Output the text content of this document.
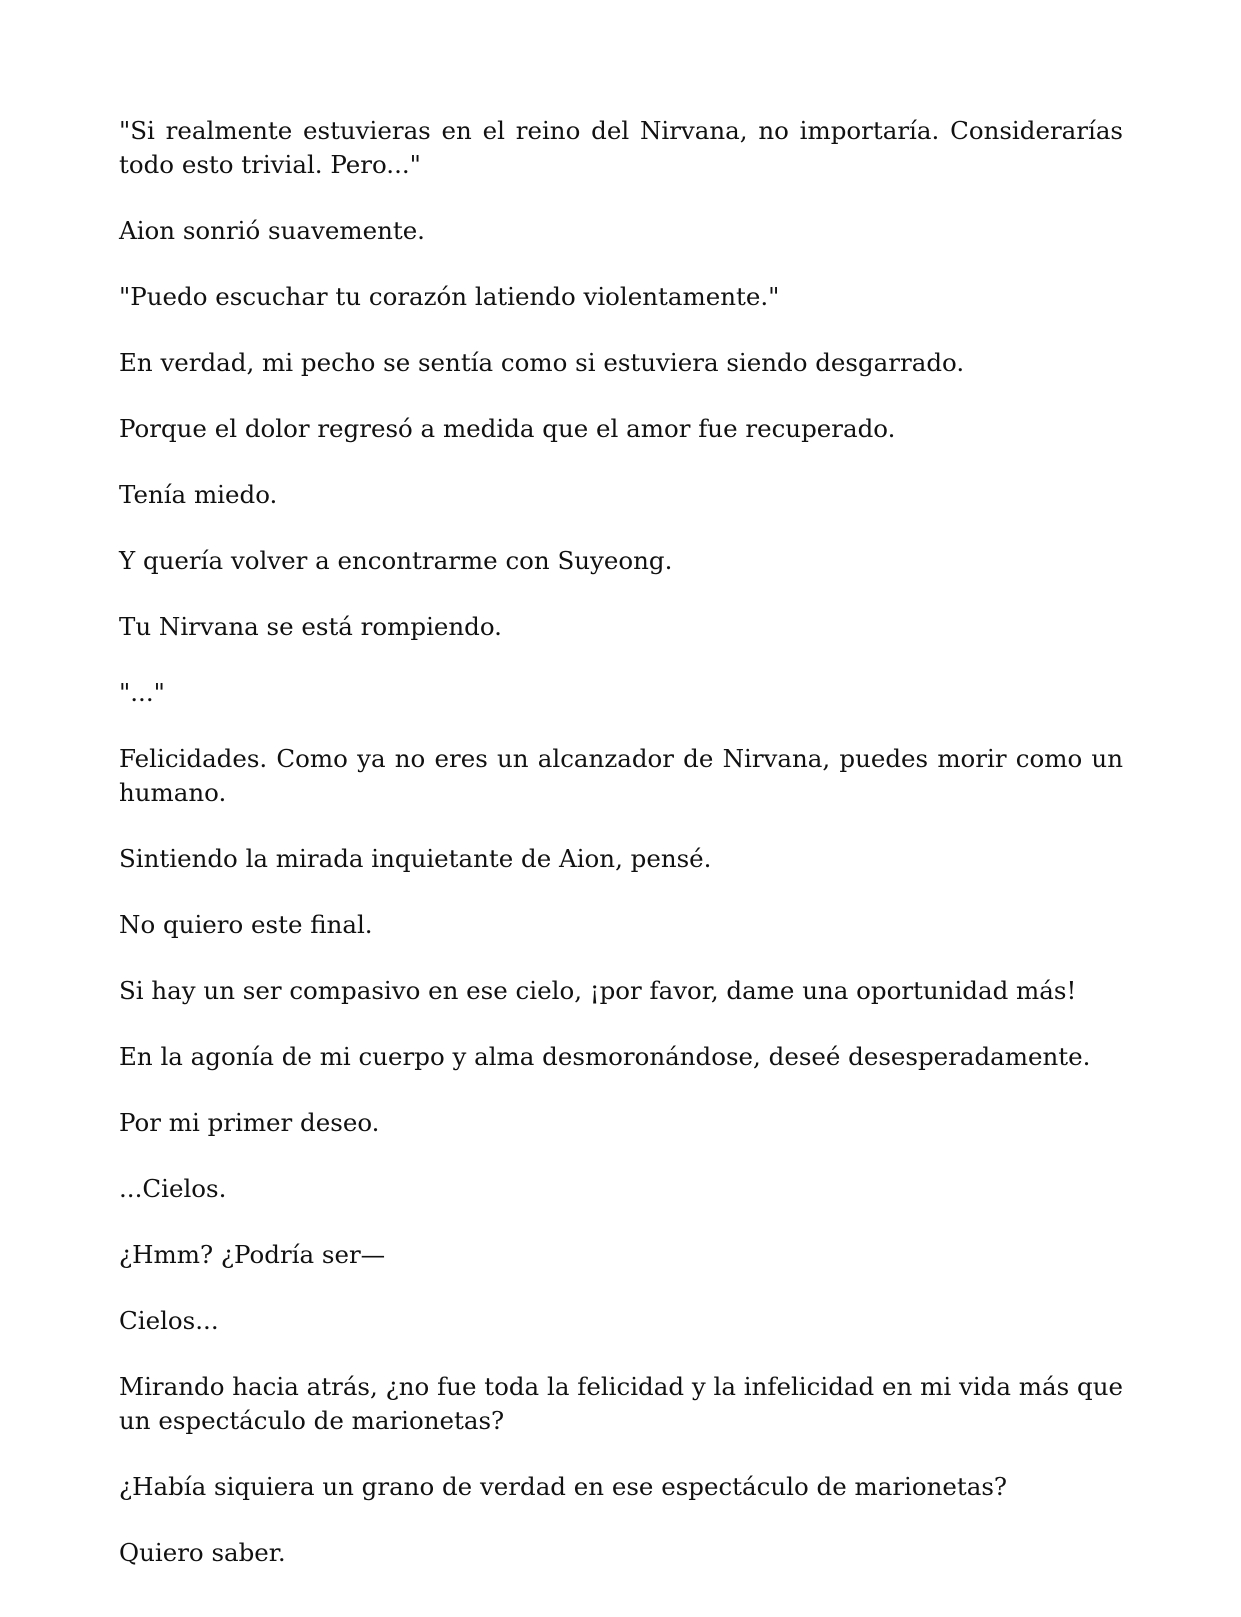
"Si realmente estuvieras en el reino del Nirvana, no importaría. Considerarías todo esto trivial. Pero..."

Aion sonrió suavemente.

"Puedo escuchar tu corazón latiendo violentamente."

En verdad, mi pecho se sentía como si estuviera siendo desgarrado.

Porque el dolor regresó a medida que el amor fue recuperado.

Tenía miedo.

Y quería volver a encontrarme con Suyeong.

Tu Nirvana se está rompiendo.

"..."

Felicidades. Como ya no eres un alcanzador de Nirvana, puedes morir como un humano.

Sintiendo la mirada inquietante de Aion, pensé.

No quiero este final.

Si hay un ser compasivo en ese cielo, ¡por favor, dame una oportunidad más!

En la agonía de mi cuerpo y alma desmoronándose, deseé desesperadamente.

Por mi primer deseo.

...Cielos.

¿Hmm? ¿Podría ser—

Cielos...

Mirando hacia atrás, ¿no fue toda la felicidad y la infelicidad en mi vida más que un espectáculo de marionetas?

¿Había siquiera un grano de verdad en ese espectáculo de marionetas?

Quiero saber.
